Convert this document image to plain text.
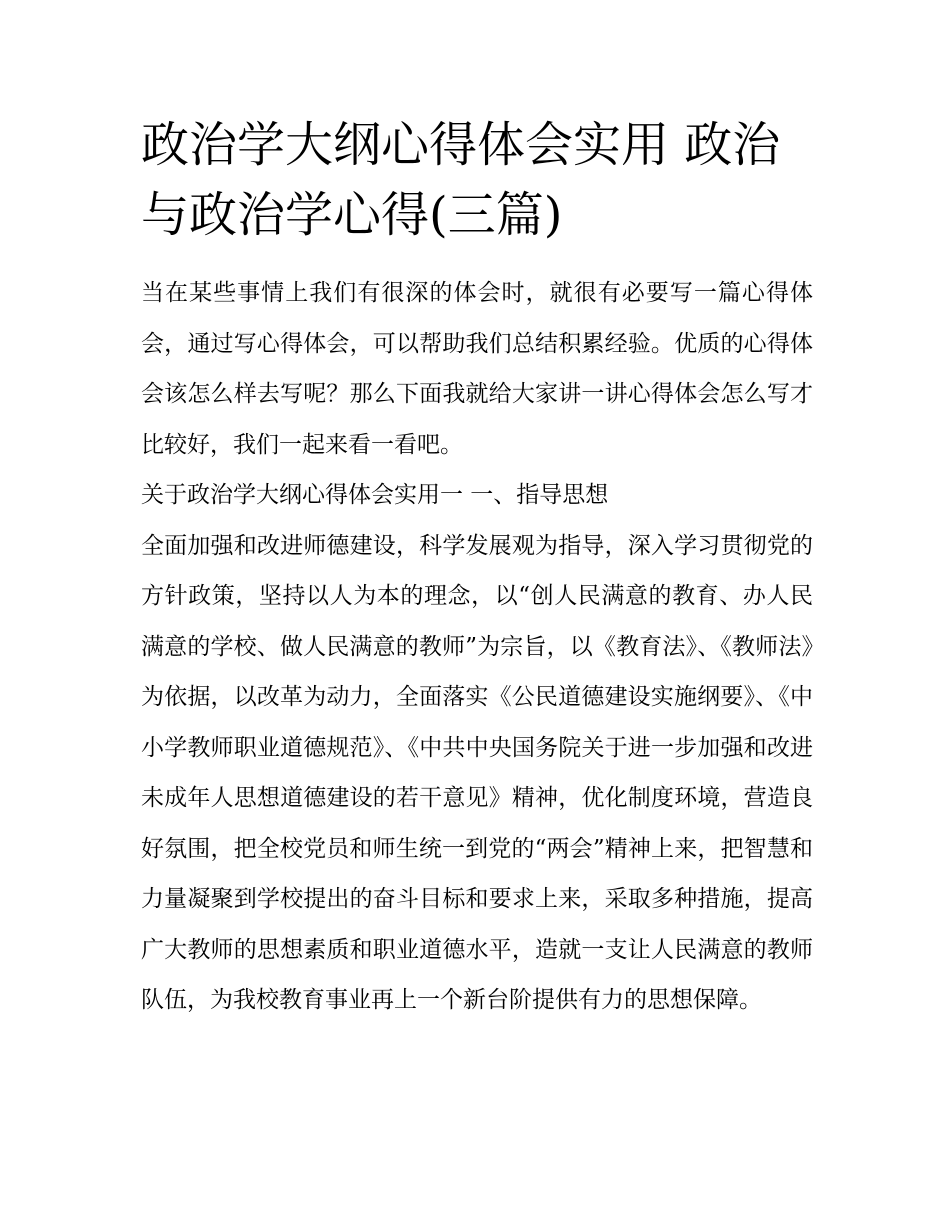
政治学大纲心得体会实用 政治与政治学心得(三篇)

当在某些事情上我们有很深的体会时，就很有必要写一篇心得体会，通过写心得体会，可以帮助我们总结积累经验。优质的心得体会该怎么样去写呢？那么下面我就给大家讲一讲心得体会怎么写才比较好，我们一起来看一看吧。

关于政治学大纲心得体会实用一 一、指导思想

全面加强和改进师德建设，科学发展观为指导，深入学习贯彻党的方针政策，坚持以人为本的理念，以“创人民满意的教育、办人民满意的学校、做人民满意的教师”为宗旨，以《教育法》、《教师法》为依据，以改革为动力，全面落实《公民道德建设实施纲要》、《中小学教师职业道德规范》、《中共中央国务院关于进一步加强和改进未成年人思想道德建设的若干意见》精神，优化制度环境，营造良好氛围，把全校党员和师生统一到党的“两会”精神上来，把智慧和力量凝聚到学校提出的奋斗目标和要求上来，采取多种措施，提高广大教师的思想素质和职业道德水平，造就一支让人民满意的教师队伍，为我校教育事业再上一个新台阶提供有力的思想保障。
